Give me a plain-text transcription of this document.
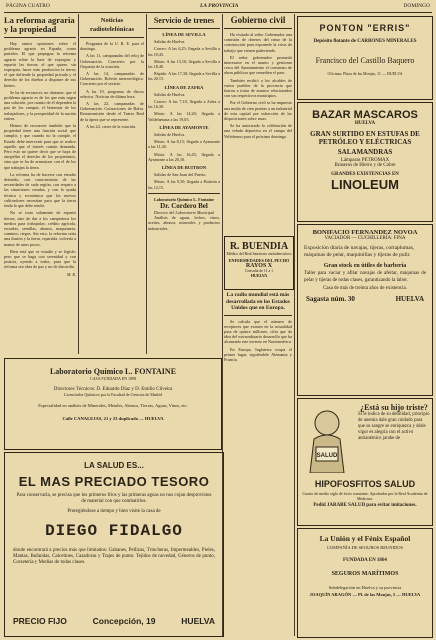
PÁGINA CUATRO	LA PROVINCIA	DOMINGO
La reforma agraria y la propiedad

Hay tantos opiniones sobre el problema agrario en España, como partidos. El que propugna la reforma agraria sobre la base de expropiar y repartir las tierras; el que quiere, sin expropiar, hacer más productiva la tierra; el que defiende la propiedad privada y el derecho de los dueños a disponer de sus bienes.

Se ha de reconocer, no obstante, que el problema agrario es de los que más urgen una solución, por cuanto de él dependen la paz de los campos, el bienestar de los trabajadores, y la prosperidad de la nación entera.

Hemos de reconocer también que la propiedad tiene una función social que cumplir, y que cuando no la cumple, el Estado debe intervenir para que se realice aquello que el interés común demanda. Pero esto no quiere decir que se haya de atropellar el derecho de los propietarios, sino que se ha de armonizar con el de los que trabajan la tierra.

La reforma ha de hacerse con estudio detenido, con conocimiento de las necesidades de cada región, con respeto a las situaciones creadas, y con la ayuda técnica y económica que los nuevos cultivadores necesitan para que la tierra rinda lo que debe rendir.

No se trata solamente de repartir tierras, sino de dar a los campesinos los medios para trabajarlas: crédito agrícola, escuelas, semillas, abonos, maquinaria, caminos, riegos. Sin esto, la reforma sería una ilusión y la tierra, repartida, volvería a manos de unos pocos.

Bien está que se estudie y se legisle; pero que se haga con serenidad y con justicia, oyendo a todos, para que la reforma sea obra de paz y no de discordia.

M. R.
Noticias radiotelefónicas

Programa de la U. R. E. para el domingo.

A las 11, campanadas del reloj de Gobernación. Concierto por la Orquesta de la estación.

A las 14, campanadas de Gobernación. Boletín meteorológico. Concierto por el sexteto.

A las 19, programa de discos selectos. Noticias de última hora.

A las 22, campanadas de Gobernación. Cotizaciones de Bolsa. Retransmisión desde el Teatro Real de la ópera que se represente.

A las 24, cierre de la estación.

Servicio de trenes
LÍNEA DE SEVILLA

Salidas de Huelva.

Correo: A las 6,25; llegada a Sevilla a las 10,45.

Mixto: A las 13,10; llegada a Sevilla a las 18,40.

Rápido: A las 17,30; llegada a Sevilla a las 20,15.

LÍNEA DE ZAFRA

Salidas de Huelva.

Correo: A las 7,10; llegada a Zafra a las 16,30.

Mixto: A las 14,20; llegada a Valdelamusa a las 19,05.

LÍNEA DE AYAMONTE

Salidas de Huelva.

Mixto: A las 8,15; llegada a Ayamonte a las 11,40.

Mixto: A las 16,45; llegada a Ayamonte a las 20,10.

LÍNEA DE BUITRON

Salidas de San Juan del Puerto.

Mixto: A las 9,30; llegada a Buitrón a las 12,15.

Laboratorio Químico L. Fontaine
Dr. Cordero Bel
Director del Laboratorio Municipal

Análisis de aguas, leches, vinos, aceites, abonos, minerales y productos industriales.

Laboratorio Químico L. FONTAINE
CASA FUNDADA EN 1898
Directores Técnicos: D. Eduardo Díaz y D. Emilio Cilveira
Licenciados Químicos por la Facultad de Ciencias de Madrid
Especialidad en análisis de Minerales, Metales, Abonos, Tierras, Aguas, Vinos, etc.
Calle CANALEJAS, 21 y 23 duplicado — HUELVA
LA SALUD ES...
EL MAS PRECIADO TESORO
Para conservarla, se precisa que los primeros frios y las primeras aguas no nos cojan desprovistos de material con que combatirlos.
Protegiéndose a tiempo y bien visite la casa de
DIEGO FIDALGO
donde encontrará a precios más que limitados: Gabanes, Pellizas, Trincheras, Impermeables, Pieles, Mantas, Bufandas, Calcetines, Cazadoras y Trajes de punto. Tejidos de novedad, Géneros de punto, Corsetería y Medias de todas clases.
PRECIO FIJO	Concepción, 19	HUELVA
Gobierno civil

Ha visitado al señor Gobernador una comisión de obreros del ramo de la construcción para exponerle la crisis de trabajo que vienen padeciendo.

El señor gobernador prometió interesarse en el asunto y gestionar cerca del Ayuntamiento el comienzo de obras públicas que remedien el paro.

También recibió a los alcaldes de varios pueblos de la provincia que fueron a tratar de asuntos relacionados con sus respectivos municipios.

Por el Gobierno civil se ha impuesto una multa de cien pesetas a un industrial de esta capital por infracción de las disposiciones sobre tasas.

Se ha autorizado la celebración de una velada deportiva en el campo del Velódromo para el próximo domingo.

R. BUENDIA
Médico del Real Sanatorio antituberculoso
ENFERMEDADES DEL PECHO
RAYOS X
Consulta de 11 a 1
HUELVA
La radio mundial está más desarrollada en los Estados Unidos que en Europa.

Se calcula que el número de receptores que existen en la actualidad pasa de quince millones, cifra que da idea del extraordinario desarrollo que ha alcanzado este invento en Norteamérica.

En Europa, Inglaterra ocupa el primer lugar, siguiéndole Alemania y Francia.

PONTON "ERRIS"
Depósito flotante de CARBONES MINERALES
Francisco del Castillo Baquero
Oficinas: Plaza de las Monjas, 11 — HUELVA
BAZAR MASCAROS
HUELVA
GRAN SURTIDO EN ESTUFAS DE PETRÓLEO Y ELÉCTRICAS
SALAMANDRAS
Lámparas PETROMAX
Braseros de Hierro y de Cobre
GRANDES EXISTENCIAS EN
LINOLEUM
BONIFACIO FERNANDEZ NOVOA
VACIADOR — CUCHILLERÍA: FINA
Exposición diaria de navajas, tijeras, cortaplumas, máquinas de pelar, maquinillas y tijeras de pulir.
Gran stock en útiles de barbería
Taller para vaciar y afilar navajas de afeitar, máquinas de pelar y tijeras de todas clases, garantizando la labor.
Casa de más de treinta años de existencia.
Sagasta núm. 30	HUELVA
SALUD
¿Está su hijo triste?
Si le indica de su debilidad, principio de anemia dale gran cuidado para que su sangre se enriquezca y dárle vigor es alegría con el activo antianémico jarabe de
HIPOFOSFITOS SALUD
Cuatro de medio siglo de éxito constante. Aprobados por la Real Academia de Medicina.
Pedid JARABE SALUD para evitar imitaciones.
La Unión y el Fénix Español
COMPAÑÍA DE SEGUROS REUNIDOS
FUNDADA EN 1864
SEGUROS MARÍTIMOS
Subdelegación en Huelva y su provincia
JOAQUÍN ARAGÓN — Pl. de las Monjas, 5 — HUELVA
